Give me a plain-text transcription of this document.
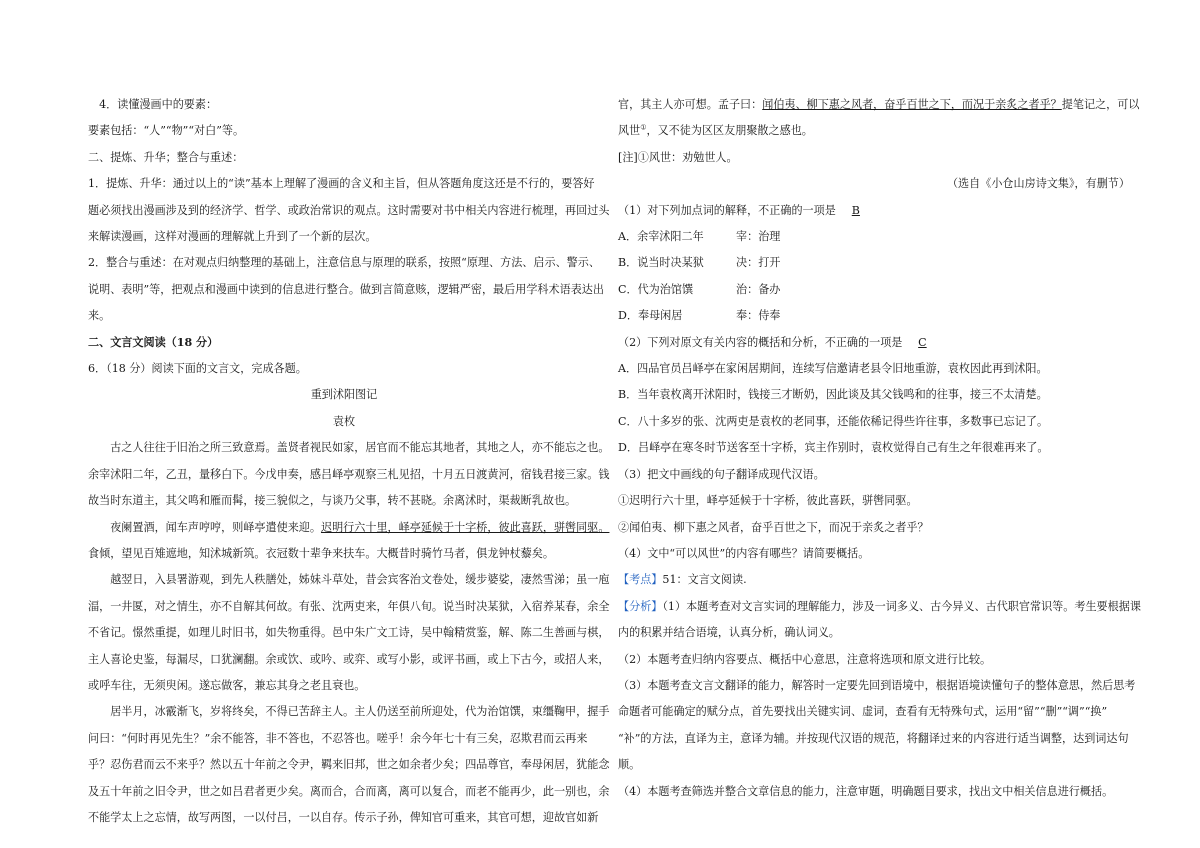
4．读懂漫画中的要素：
要素包括：“人”“物”“对白”等。
二、提炼、升华；整合与重述：
1．提炼、升华：通过以上的“读”基本上理解了漫画的含义和主旨，但从答题角度这还是不行的，要答好
题必须找出漫画涉及到的经济学、哲学、或政治常识的观点。这时需要对书中相关内容进行梳理，再回过头
来解读漫画，这样对漫画的理解就上升到了一个新的层次。
2．整合与重述：在对观点归纳整理的基础上，注意信息与原理的联系，按照“原理、方法、启示、警示、
说明、表明”等，把观点和漫画中读到的信息进行整合。做到言简意赅，逻辑严密，最后用学科术语表达出
来。
二、文言文阅读（18 分）
6．（18 分）阅读下面的文言文，完成各题。
重到沭阳图记
袁枚
古之人往往于旧治之所三致意焉。盖贤者视民如家，居官而不能忘其地者，其地之人，亦不能忘之也。
余宰沭阳二年，乙丑，量移白下。今戊申奏，感吕峄亭观察三札见招，十月五日渡黄河，宿钱君接三家。钱
故当时东道主，其父鸣和雁而髯，接三貌似之，与谈乃父事，转不甚晓。余离沭时，渠裁断乳故也。
夜阑置酒，闻车声哼哼，则峄亭遣使来迎。迟明行六十里，峄亭延候于十字桥，彼此喜跃，骈辔同驱。
食倾，望见百雉遮地，知沭城新筑。衣冠数十辈争来扶车。大概昔时骑竹马者，俱龙钟杖藜矣。
越翌日，入县署游观，到先人秩膳处，姊妹斗草处，昔会宾客治文卷处，缓步婆娑，凄然雪涕；虽一庖
湢，一井匽，对之情生，亦不自解其何故。有张、沈两吏来，年俱八旬。说当时决某狱，入宿养某春，余全
不省记。憬然重提，如理儿时旧书，如失物重得。邑中朱广文工诗，吴中翰精赏鉴，解、陈二生善画与棋，
主人喜论史鉴，每漏尽，口犹澜翻。余或饮、或吟、或弈、或写小影，或评书画，或上下古今，或招人来，
或呼车往，无须臾闲。遂忘做客，兼忘其身之老且衰也。
居半月，冰霰渐飞，岁将终矣，不得已苦辞主人。主人仍送至前所迎处，代为治馆馔，束缰鞠甲，握手
问曰：“何时再见先生？”余不能答，非不答也，不忍答也。嗟乎！余今年七十有三矣，忍欺君而云再来
乎？忍伤君而云不来乎？然以五十年前之令尹，羁来旧邦，世之如余者少矣；四品尊官，奉母闲居，犹能念
及五十年前之旧令尹，世之如吕君者更少矣。离而合，合而离，离可以复合，而老不能再少，此一别也，余
不能学太上之忘情，故写两图，一以付吕，一以自存。传示子孙，俾知官可重来，其官可想，迎故官如新
官，其主人亦可想。孟子曰：闻伯夷、柳下惠之风者，奋乎百世之下，而况于亲炙之者乎？提笔记之，可以
风世①，又不徒为区区友朋聚散之感也。
[注]①风世：劝勉世人。
（选自《小仓山房诗文集》，有删节）
（1）对下列加点词的解释，不正确的一项是 B
A．余宰沭阳二年	宰：治理
B．说当时决某狱	决：打开
C．代为治馆馔	治：备办
D．奉母闲居	奉：侍奉
（2）下列对原文有关内容的概括和分析，不正确的一项是 C
A．四品官员吕峄亭在家闲居期间，连续写信邀请老县令旧地重游，袁枚因此再到沭阳。
B．当年袁枚离开沭阳时，钱接三才断奶，因此谈及其父钱鸣和的往事，接三不太清楚。
C．八十多岁的张、沈两吏是袁枚的老同事，还能依稀记得些许往事，多数事已忘记了。
D．吕峄亭在寒冬时节送客至十字桥，宾主作别时，袁枚觉得自己有生之年很难再来了。
（3）把文中画线的句子翻译成现代汉语。
①迟明行六十里，峄亭延候于十字桥，彼此喜跃，骈辔同驱。
②闻伯夷、柳下惠之风者，奋乎百世之下，而况于亲炙之者乎？
（4）文中“可以风世”的内容有哪些？请简要概括。
【考点】51：文言文阅读.
【分析】（1）本题考查对文言实词的理解能力，涉及一词多义、古今异义、古代职官常识等。考生要根据课
内的积累并结合语境，认真分析，确认词义。
（2）本题考查归纳内容要点、概括中心意思，注意将选项和原文进行比较。
（3）本题考查文言文翻译的能力，解答时一定要先回到语境中，根据语境读懂句子的整体意思，然后思考
命题者可能确定的赋分点，首先要找出关键实词、虚词，查看有无特殊句式，运用“留”“删”“调”“换”
“补”的方法，直译为主，意译为辅。并按现代汉语的规范，将翻译过来的内容进行适当调整，达到词达句
顺。
（4）本题考查筛选并整合文章信息的能力，注意审题，明确题目要求，找出文中相关信息进行概括。
